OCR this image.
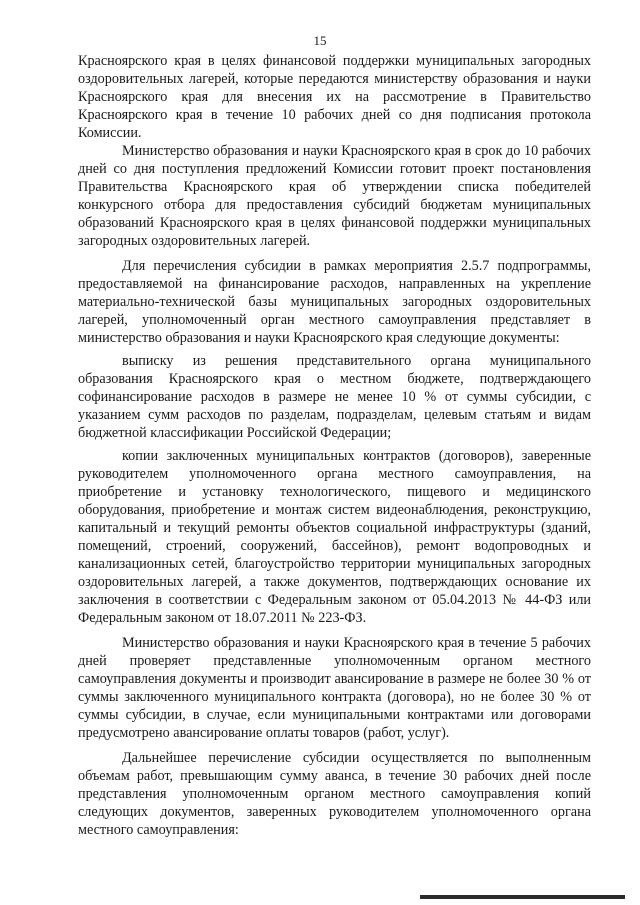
15

Красноярского края в целях финансовой поддержки муниципальных загородных оздоровительных лагерей, которые передаются министерству образования и науки Красноярского края для внесения их на рассмотрение в Правительство Красноярского края в течение 10 рабочих дней со дня подписания протокола Комиссии.

Министерство образования и науки Красноярского края в срок до 10 рабочих дней со дня поступления предложений Комиссии готовит проект постановления Правительства Красноярского края об утверждении списка победителей конкурсного отбора для предоставления субсидий бюджетам муниципальных образований Красноярского края в целях финансовой поддержки муниципальных загородных оздоровительных лагерей.

Для перечисления субсидии в рамках мероприятия 2.5.7 подпрограммы, предоставляемой на финансирование расходов, направленных на укрепление материально-технической базы муниципальных загородных оздоровительных лагерей, уполномоченный орган местного самоуправления представляет в министерство образования и науки Красноярского края следующие документы:

выписку из решения представительного органа муниципального образования Красноярского края о местном бюджете, подтверждающего софинансирование расходов в размере не менее 10 % от суммы субсидии, с указанием сумм расходов по разделам, подразделам, целевым статьям и видам бюджетной классификации Российской Федерации;

копии заключенных муниципальных контрактов (договоров), заверенные руководителем уполномоченного органа местного самоуправления, на приобретение и установку технологического, пищевого и медицинского оборудования, приобретение и монтаж систем видеонаблюдения, реконструкцию, капитальный и текущий ремонты объектов социальной инфраструктуры (зданий, помещений, строений, сооружений, бассейнов), ремонт водопроводных и канализационных сетей, благоустройство территории муниципальных загородных оздоровительных лагерей, а также документов, подтверждающих основание их заключения в соответствии с Федеральным законом от 05.04.2013 № 44-ФЗ или Федеральным законом от 18.07.2011 № 223-ФЗ.

Министерство образования и науки Красноярского края в течение 5 рабочих дней проверяет представленные уполномоченным органом местного самоуправления документы и производит авансирование в размере не более 30 % от суммы заключенного муниципального контракта (договора), но не более 30 % от суммы субсидии, в случае, если муниципальными контрактами или договорами предусмотрено авансирование оплаты товаров (работ, услуг).

Дальнейшее перечисление субсидии осуществляется по выполненным объемам работ, превышающим сумму аванса, в течение 30 рабочих дней после представления уполномоченным органом местного самоуправления копий следующих документов, заверенных руководителем уполномоченного органа местного самоуправления:
